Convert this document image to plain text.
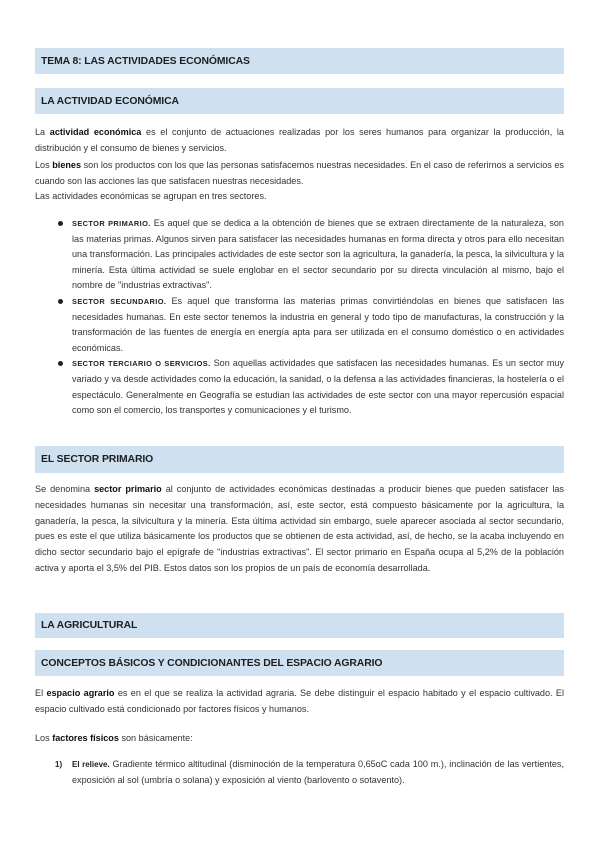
TEMA 8: LAS ACTIVIDADES ECONÓMICAS
LA ACTIVIDAD ECONÓMICA

La actividad económica es el conjunto de actuaciones realizadas por los seres humanos para organizar la producción, la distribución y el consumo de bienes y servicios.

Los bienes son los productos con los que las personas satisfacemos nuestras necesidades. En el caso de referirnos a servicios es cuando son las acciones las que satisfacen nuestras necesidades.

Las actividades económicas se agrupan en tres sectores.

SECTOR PRIMARIO. Es aquel que se dedica a la obtención de bienes que se extraen directamente de la naturaleza, son las materias primas. Algunos sirven para satisfacer las necesidades humanas en forma directa y otros para ello necesitan una transformación. Las principales actividades de este sector son la agricultura, la ganadería, la pesca, la silvicultura y la minería. Esta última actividad se suele englobar en el sector secundario por su directa vinculación al mismo, bajo el nombre de "industrias extractivas".
SECTOR SECUNDARIO. Es aquel que transforma las materias primas convirtiéndolas en bienes que satisfacen las necesidades humanas. En este sector tenemos la industria en general y todo tipo de manufacturas, la construcción y la transformación de las fuentes de energía en energía apta para ser utilizada en el consumo doméstico o en actividades económicas.
SECTOR TERCIARIO O SERVICIOS. Son aquellas actividades que satisfacen las necesidades humanas. Es un sector muy variado y va desde actividades como la educación, la sanidad, o la defensa a las actividades financieras, la hostelería o el espectáculo. Generalmente en Geografía se estudian las actividades de este sector con una mayor repercusión espacial como son el comercio, los transportes y comunicaciones y el turismo.
EL SECTOR PRIMARIO

Se denomina sector primario al conjunto de actividades económicas destinadas a producir bienes que pueden satisfacer las necesidades humanas sin necesitar una transformación, así, este sector, está compuesto básicamente por la agricultura, la ganadería, la pesca, la silvicultura y la minería. Esta última actividad sin embargo, suele aparecer asociada al sector secundario, pues es este el que utiliza básicamente los productos que se obtienen de esta actividad, así, de hecho, se la acaba incluyendo en dicho sector secundario bajo el epígrafe de "industrias extractivas". El sector primario en España ocupa al 5,2% de la población activa y aporta el 3,5% del PIB. Estos datos son los propios de un país de economía desarrollada.

LA AGRICULTURAL
CONCEPTOS BÁSICOS Y CONDICIONANTES DEL ESPACIO AGRARIO

El espacio agrario es en el que se realiza la actividad agraria. Se debe distinguir el espacio habitado y el espacio cultivado. El espacio cultivado está condicionado por factores físicos y humanos.

Los factores físicos son básicamente:

1) El relieve. Gradiente térmico altitudinal (disminoción de la temperatura 0,65oC cada 100 m.), inclinación de las vertientes, exposición al sol (umbría o solana) y exposición al viento (barlovento o sotavento).
